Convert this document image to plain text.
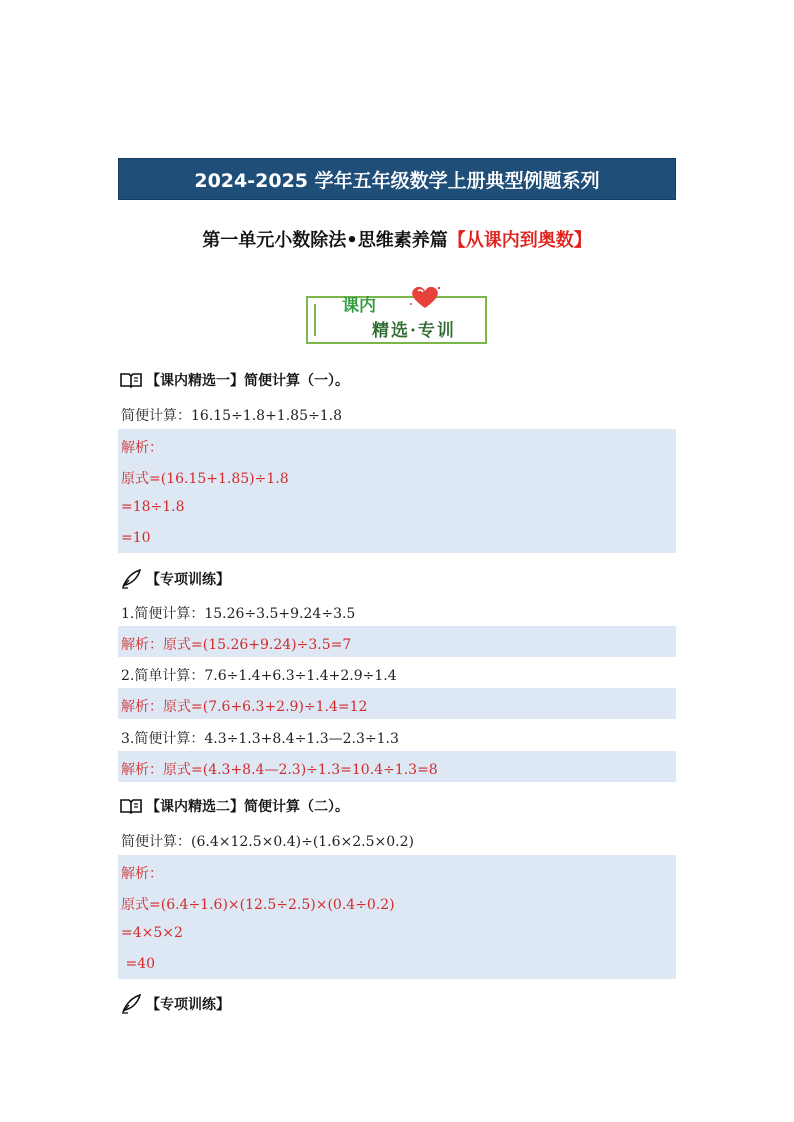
2024-2025 学年五年级数学上册典型例题系列
第一单元小数除法•思维素养篇【从课内到奥数】
课内
精选·专训
【课内精选一】简便计算（一）。
简便计算：16.15÷1.8+1.85÷1.8
解析：
原式=(16.15+1.85)÷1.8
=18÷1.8
=10
【专项训练】
1.简便计算：15.26÷3.5+9.24÷3.5
解析：原式=(15.26+9.24)÷3.5=7
2.简单计算：7.6÷1.4+6.3÷1.4+2.9÷1.4
解析：原式=(7.6+6.3+2.9)÷1.4=12
3.简便计算：4.3÷1.3+8.4÷1.3—2.3÷1.3
解析：原式=(4.3+8.4—2.3)÷1.3=10.4÷1.3=8
【课内精选二】简便计算（二）。
简便计算：(6.4×12.5×0.4)÷(1.6×2.5×0.2)
解析：
原式=(6.4÷1.6)×(12.5÷2.5)×(0.4÷0.2)
=4×5×2
=40
【专项训练】
